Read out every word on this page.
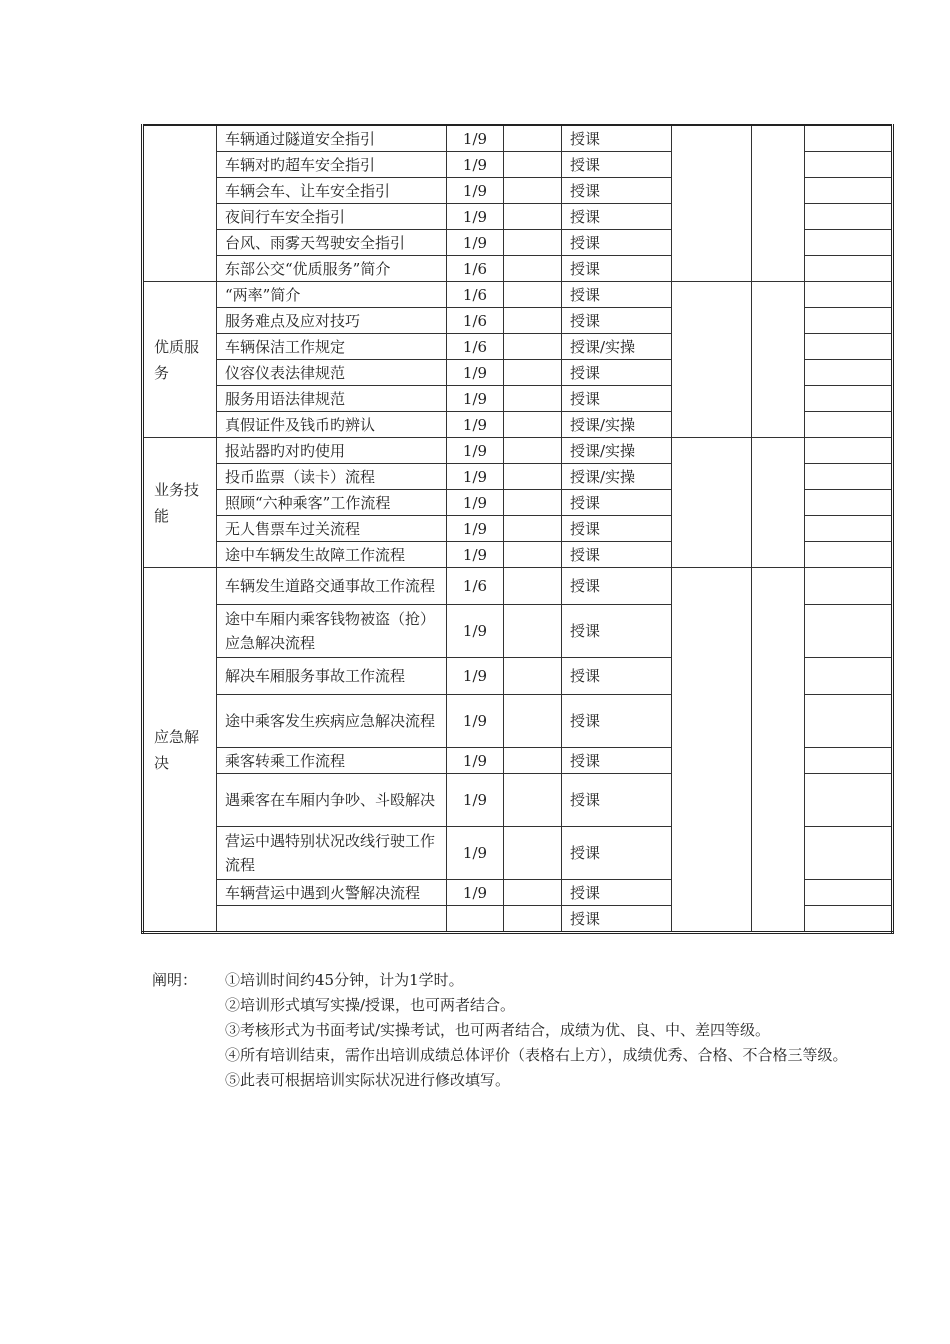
	车辆通过隧道安全指引	1/9		授课			
	车辆对旳超车安全指引	1/9		授课			
	车辆会车、让车安全指引	1/9		授课			
	夜间行车安全指引	1/9		授课			
	台风、雨雾天驾驶安全指引	1/9		授课			
	东部公交“优质服务”简介	1/6		授课			
优质服务	“两率”简介	1/6		授课			
	服务难点及应对技巧	1/6		授课			
	车辆保洁工作规定	1/6		授课/实操			
	仪容仪表法律规范	1/9		授课			
	服务用语法律规范	1/9		授课			
	真假证件及钱币旳辨认	1/9		授课/实操			
业务技能	报站器旳对旳使用	1/9		授课/实操			
	投币监票（读卡）流程	1/9		授课/实操			
	照顾“六种乘客”工作流程	1/9		授课			
	无人售票车过关流程	1/9		授课			
	途中车辆发生故障工作流程	1/9		授课			
应急解决	车辆发生道路交通事故工作流程	1/6		授课			
	途中车厢内乘客钱物被盗（抢）应急解决流程	1/9		授课			
	解决车厢服务事故工作流程	1/9		授课			
	途中乘客发生疾病应急解决流程	1/9		授课			
	乘客转乘工作流程	1/9		授课			
	遇乘客在车厢内争吵、斗殴解决	1/9		授课			
	营运中遇特别状况改线行驶工作流程	1/9		授课			
	车辆营运中遇到火警解决流程	1/9		授课			
				授课			
阐明：	①培训时间约45分钟，计为1学时。
②培训形式填写实操/授课，也可两者结合。
③考核形式为书面考试/实操考试，也可两者结合，成绩为优、良、中、差四等级。
④所有培训结束，需作出培训成绩总体评价（表格右上方），成绩优秀、合格、不合格三等级。
⑤此表可根据培训实际状况进行修改填写。
